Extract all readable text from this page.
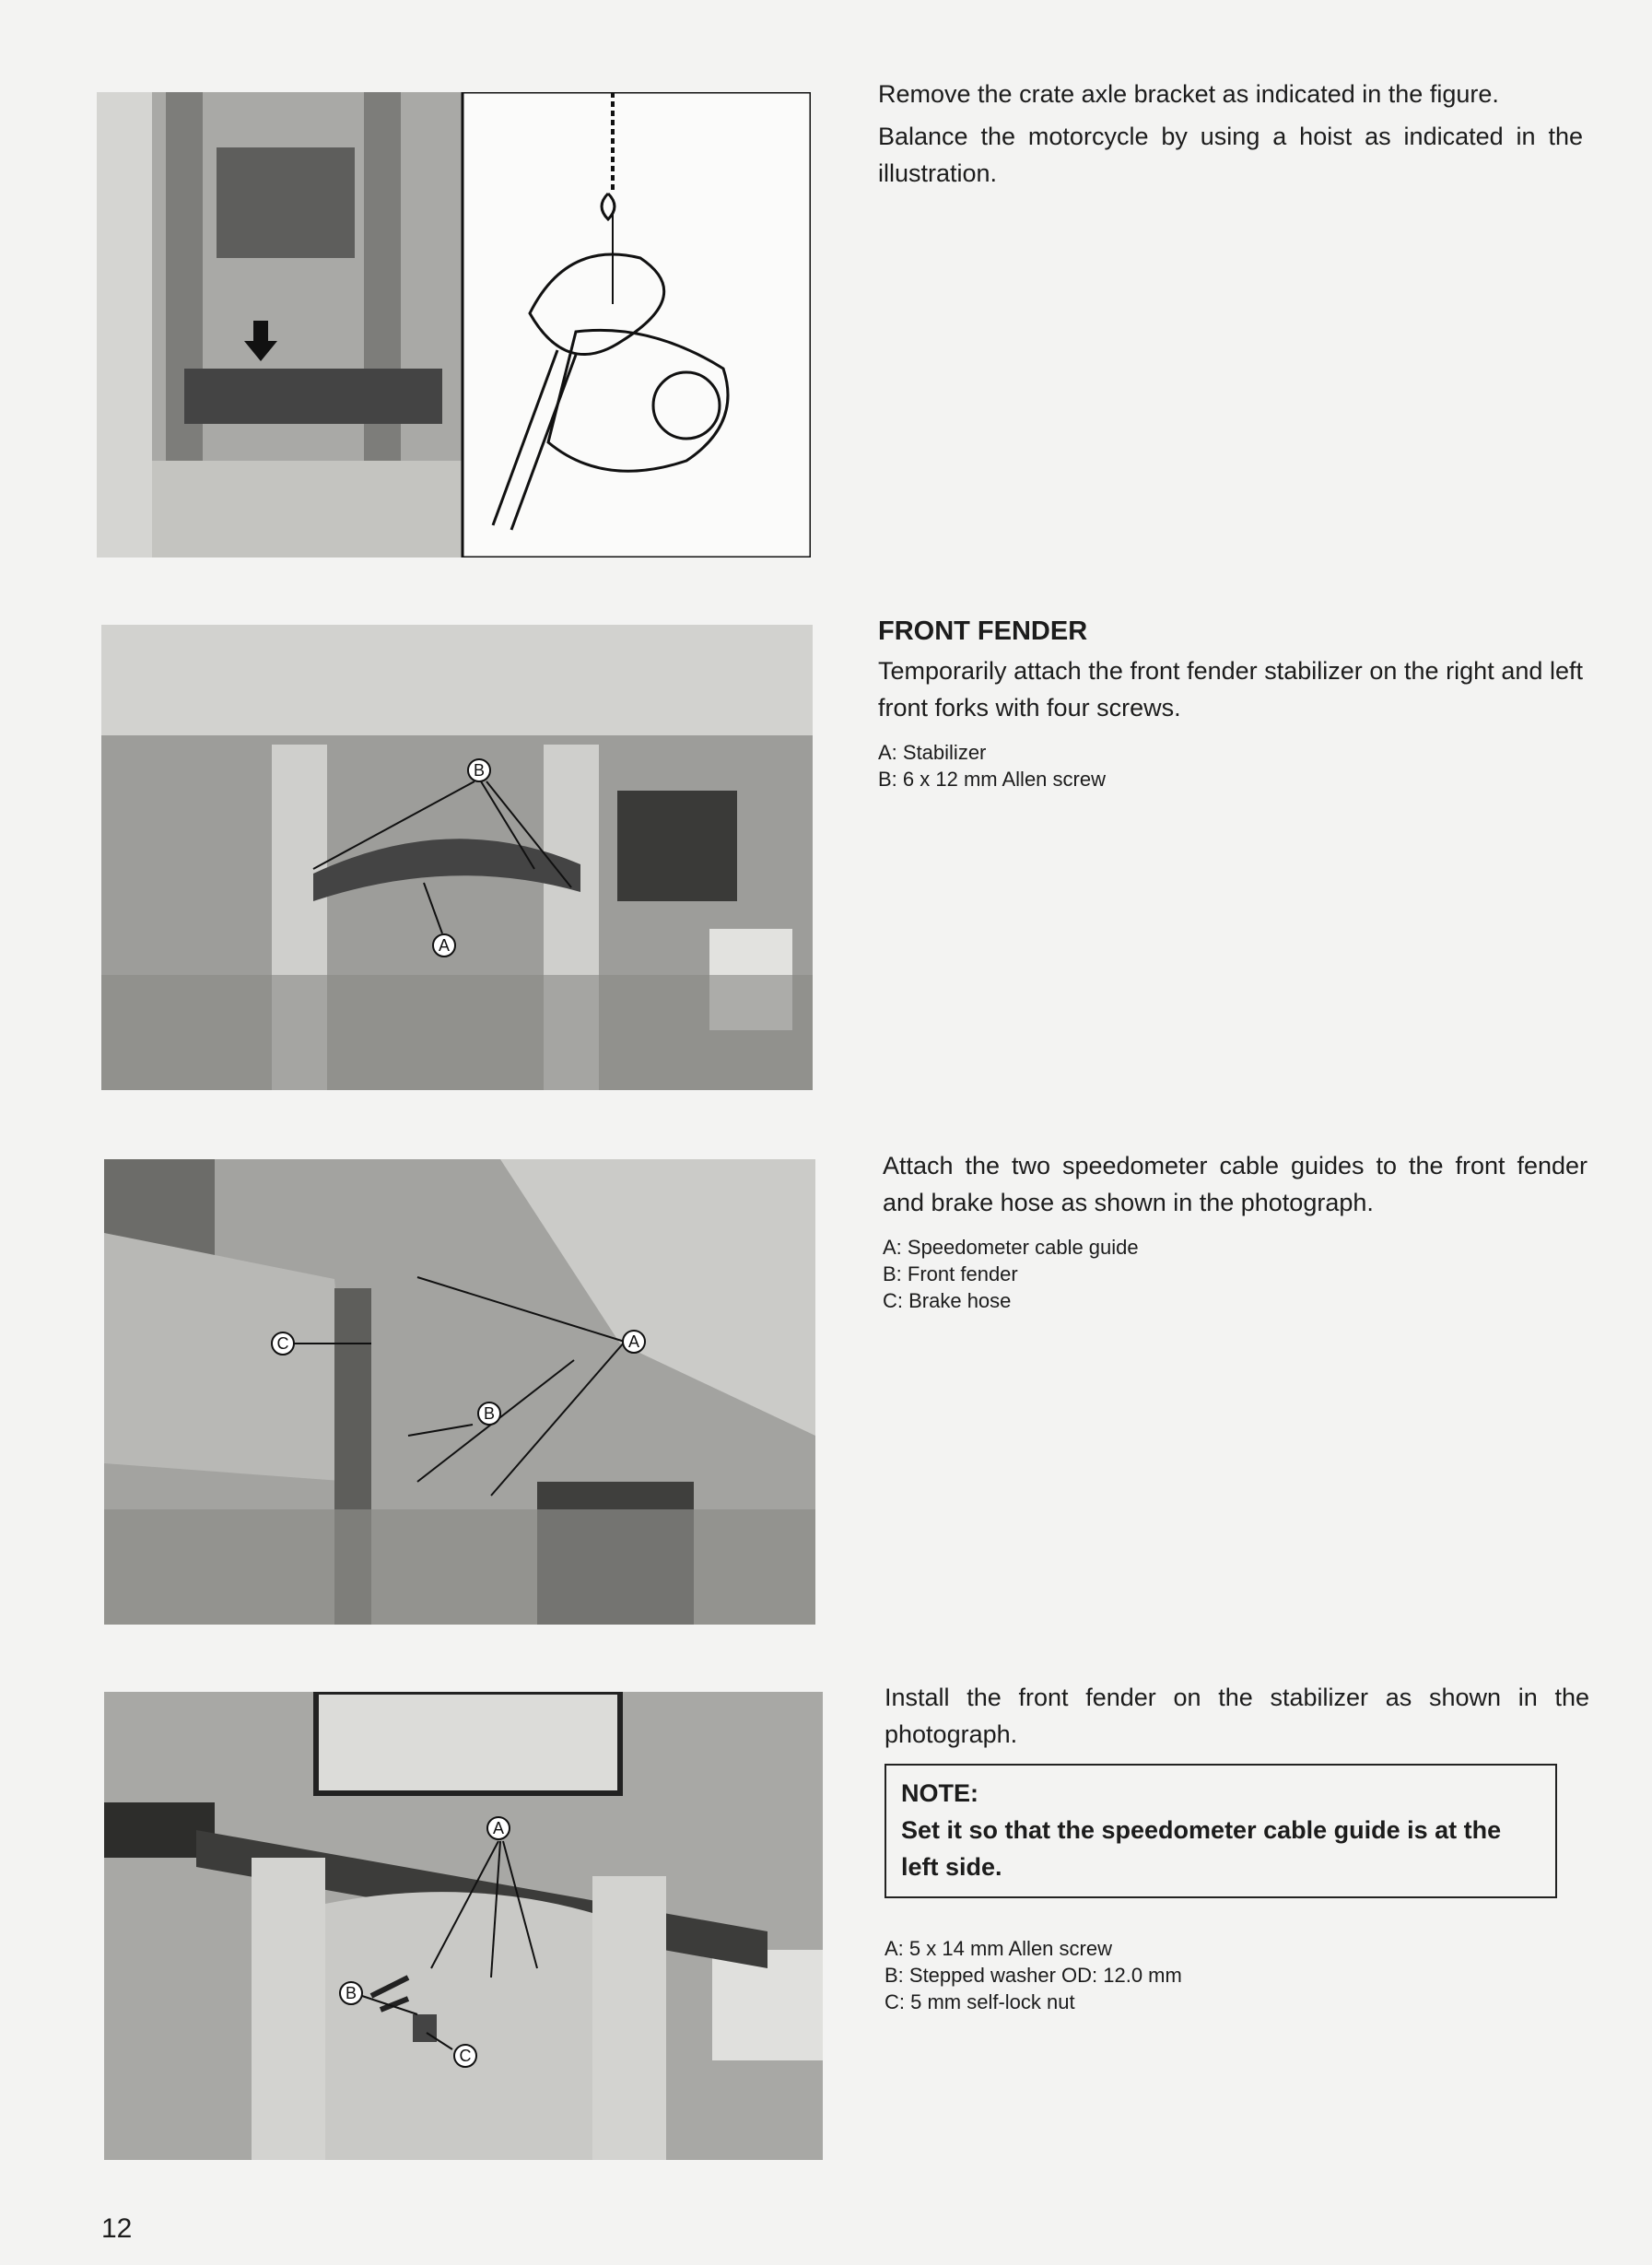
Remove the crate axle bracket as indicated in the figure.

Balance the motorcycle by using a hoist as indicated in the illustration.

B
A

FRONT FENDER

Temporarily attach the front fender stabilizer on the right and left front forks with four screws.

A: Stabilizer
B: 6 x 12 mm Allen screw
C	A
B

Attach the two speedometer cable guides to the front fender and brake hose as shown in the photograph.

A: Speedometer cable guide
B: Front fender
C: Brake hose
A
B
C

Install the front fender on the stabilizer as shown in the photograph.

NOTE:
Set it so that the speedometer cable guide is at the left side.
A: 5 x 14 mm Allen screw
B: Stepped washer OD: 12.0 mm
C: 5 mm self-lock nut
12
